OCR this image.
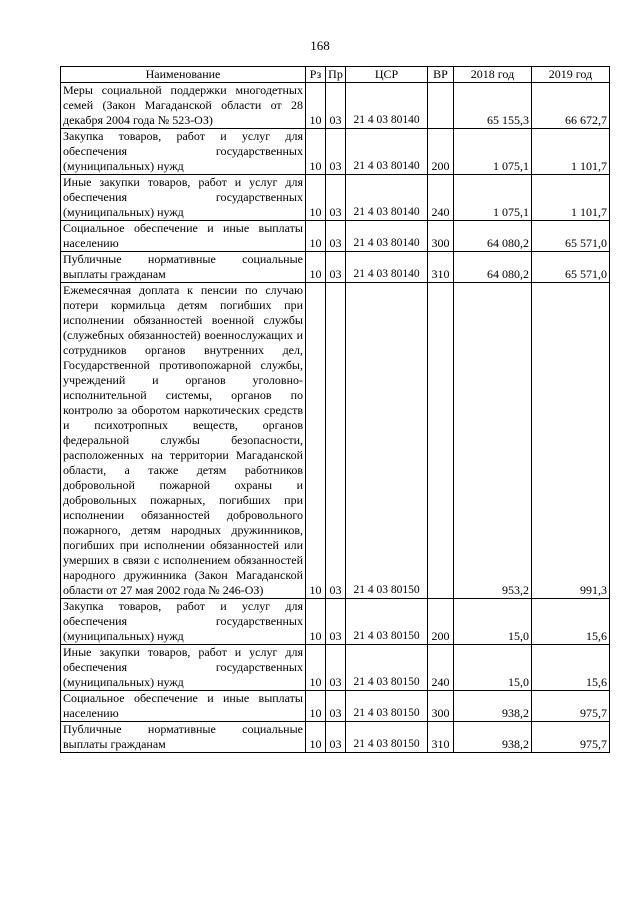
168
Наименование	Рз	Пр	ЦСР	ВР	2018 год	2019 год
Меры социальной поддержки многодетных семей (Закон Магаданской области от 28 декабря 2004 года № 523-ОЗ)	10	03	21 4 03 80140		65 155,3	66 672,7
Закупка товаров, работ и услуг для обеспечения государственных (муниципальных) нужд	10	03	21 4 03 80140	200	1 075,1	1 101,7
Иные закупки товаров, работ и услуг для обеспечения государственных (муниципальных) нужд	10	03	21 4 03 80140	240	1 075,1	1 101,7
Социальное обеспечение и иные выплаты населению	10	03	21 4 03 80140	300	64 080,2	65 571,0
Публичные нормативные социальные выплаты гражданам	10	03	21 4 03 80140	310	64 080,2	65 571,0
Ежемесячная доплата к пенсии по случаю потери кормильца детям погибших при исполнении обязанностей военной службы (служебных обязанностей) военнослужащих и сотрудников органов внутренних дел, Государственной противопожарной службы, учреждений и органов уголовно-исполнительной системы, органов по контролю за оборотом наркотических средств и психотропных веществ, органов федеральной службы безопасности, расположенных на территории Магаданской области, а также детям работников добровольной пожарной охраны и добровольных пожарных, погибших при исполнении обязанностей добровольного пожарного, детям народных дружинников, погибших при исполнении обязанностей или умерших в связи с исполнением обязанностей народного дружинника (Закон Магаданской области от 27 мая 2002 года № 246-ОЗ)	10	03	21 4 03 80150		953,2	991,3
Закупка товаров, работ и услуг для обеспечения государственных (муниципальных) нужд	10	03	21 4 03 80150	200	15,0	15,6
Иные закупки товаров, работ и услуг для обеспечения государственных (муниципальных) нужд	10	03	21 4 03 80150	240	15,0	15,6
Социальное обеспечение и иные выплаты населению	10	03	21 4 03 80150	300	938,2	975,7
Публичные нормативные социальные выплаты гражданам	10	03	21 4 03 80150	310	938,2	975,7
